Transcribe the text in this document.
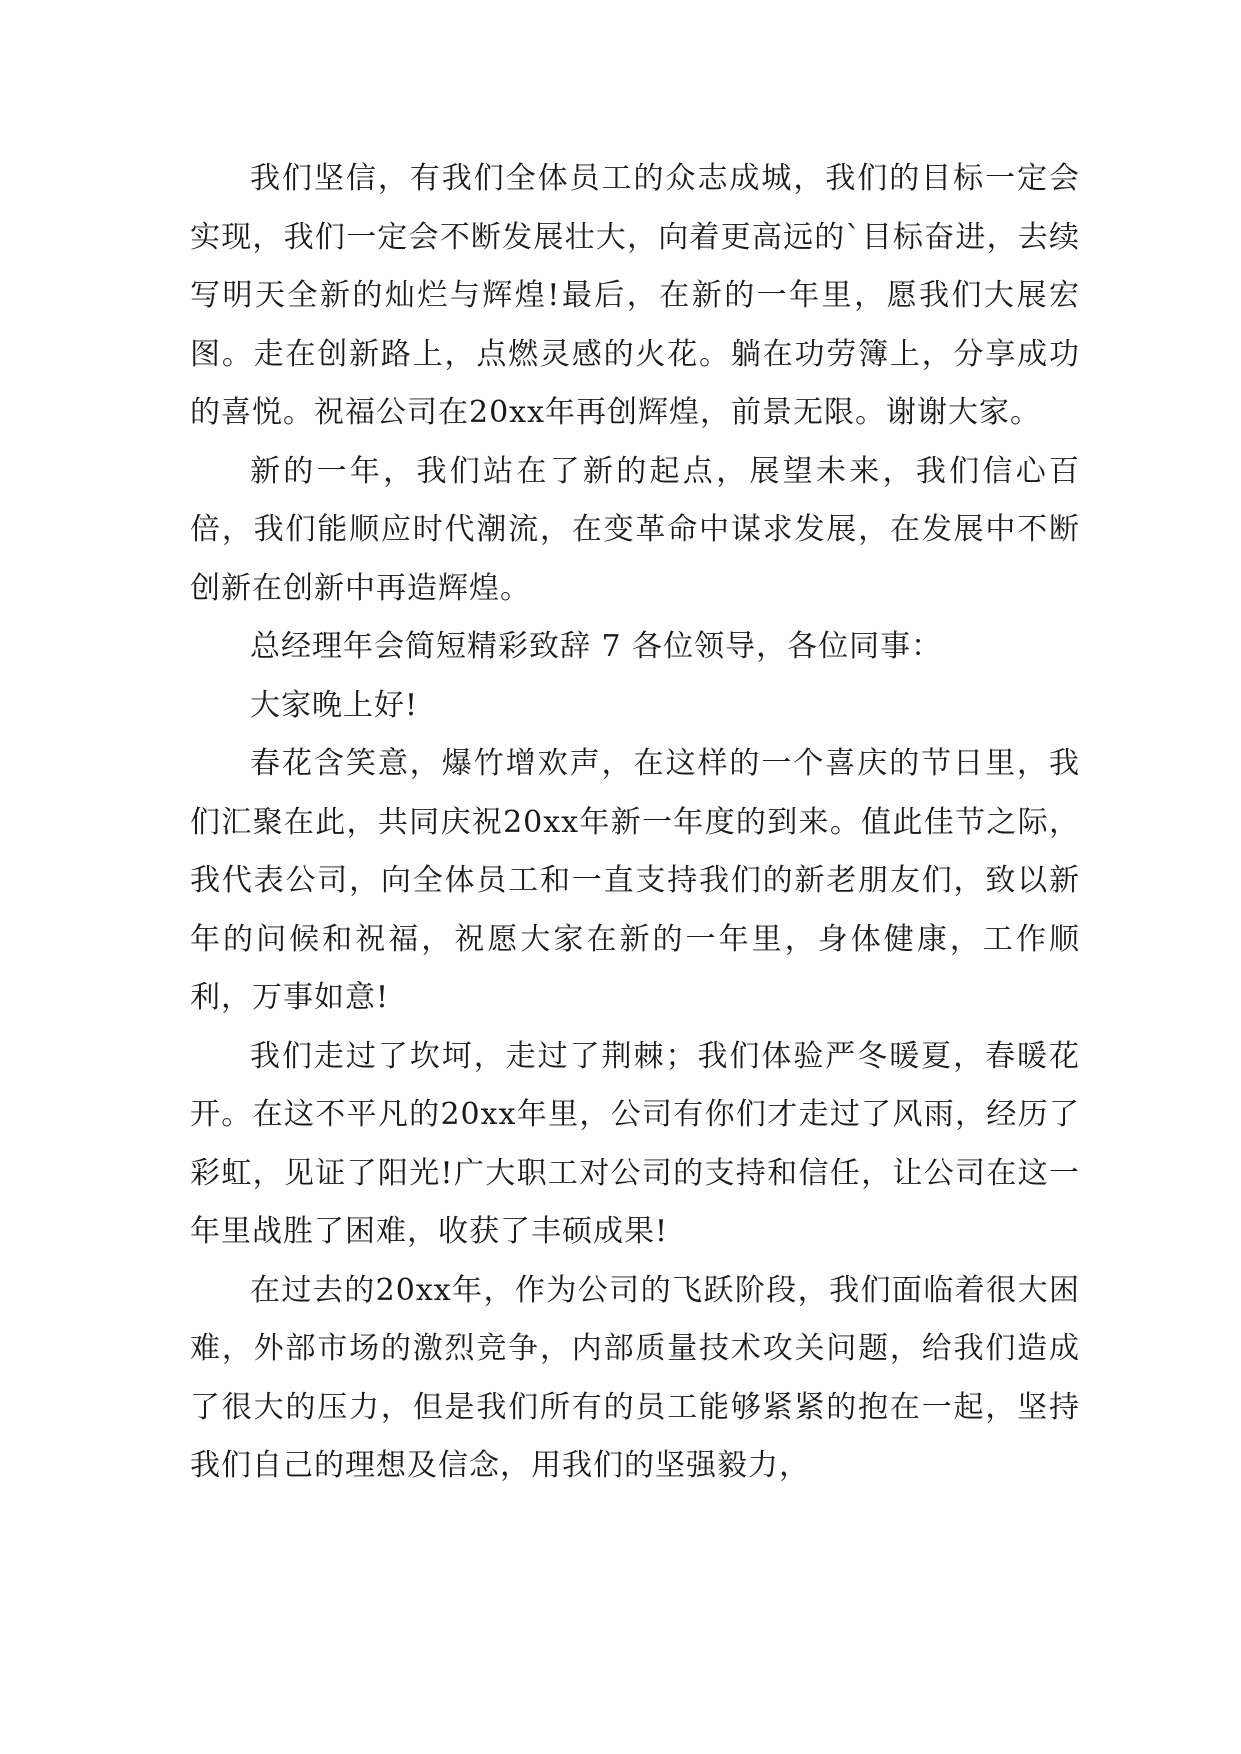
我们坚信，有我们全体员工的众志成城，我们的目标一定会实现，我们一定会不断发展壮大，向着更高远的`目标奋进，去续写明天全新的灿烂与辉煌!最后，在新的一年里，愿我们大展宏图。走在创新路上，点燃灵感的火花。躺在功劳簿上，分享成功的喜悦。祝福公司在20xx年再创辉煌，前景无限。谢谢大家。

新的一年，我们站在了新的起点，展望未来，我们信心百倍，我们能顺应时代潮流，在变革命中谋求发展，在发展中不断创新在创新中再造辉煌。

总经理年会简短精彩致辞 7 各位领导，各位同事：

大家晚上好!

春花含笑意，爆竹增欢声，在这样的一个喜庆的节日里，我们汇聚在此，共同庆祝20xx年新一年度的到来。值此佳节之际，我代表公司，向全体员工和一直支持我们的新老朋友们，致以新年的问候和祝福，祝愿大家在新的一年里，身体健康，工作顺利，万事如意!

我们走过了坎坷，走过了荆棘；我们体验严冬暖夏，春暖花开。在这不平凡的20xx年里，公司有你们才走过了风雨，经历了彩虹，见证了阳光!广大职工对公司的支持和信任，让公司在这一年里战胜了困难，收获了丰硕成果!

在过去的20xx年，作为公司的飞跃阶段，我们面临着很大困难，外部市场的激烈竞争，内部质量技术攻关问题，给我们造成了很大的压力，但是我们所有的员工能够紧紧的抱在一起，坚持我们自己的理想及信念，用我们的坚强毅力，
